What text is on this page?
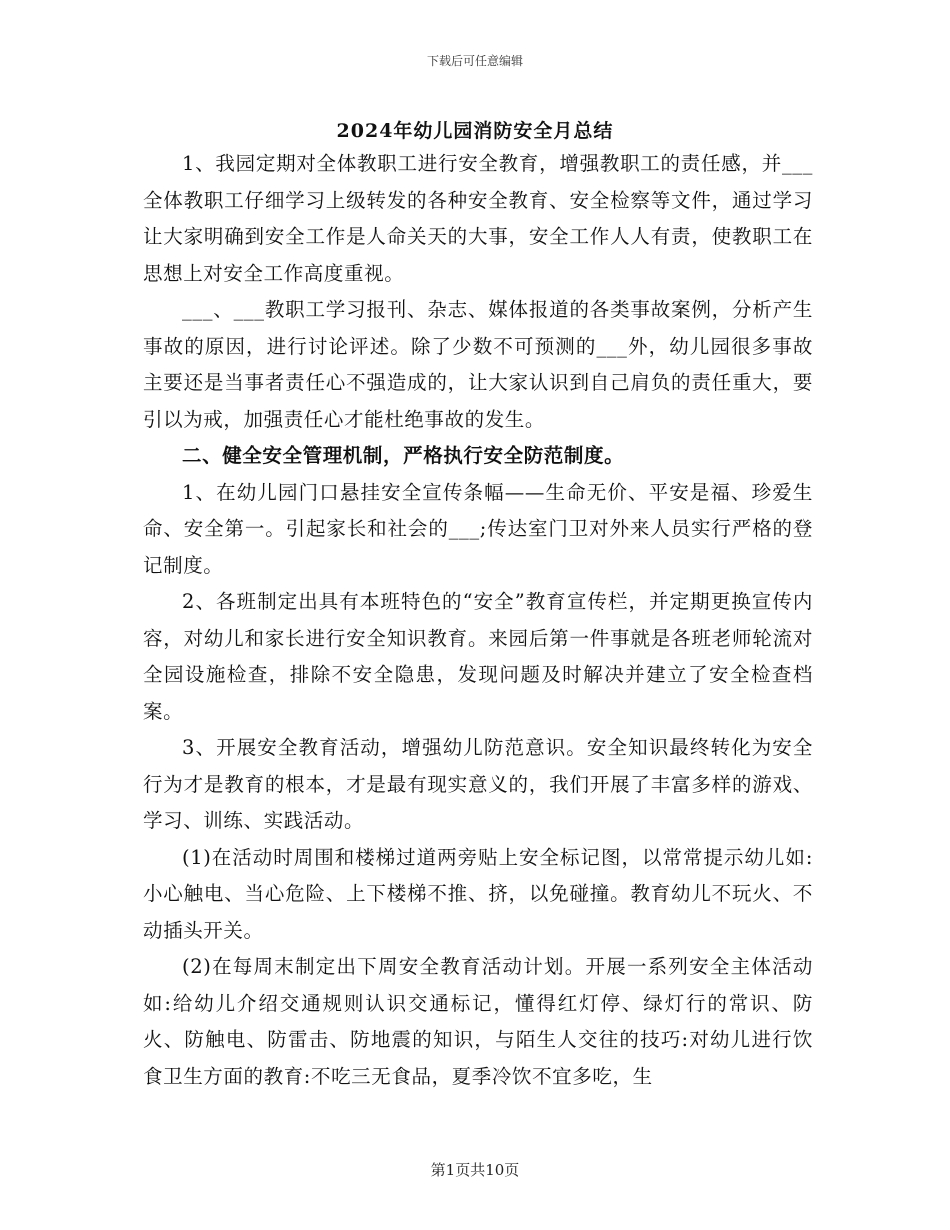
下载后可任意编辑
2024年幼儿园消防安全月总结

1、我园定期对全体教职工进行安全教育，增强教职工的责任感，并___全体教职工仔细学习上级转发的各种安全教育、安全检察等文件，通过学习让大家明确到安全工作是人命关天的大事，安全工作人人有责，使教职工在思想上对安全工作高度重视。

___、___教职工学习报刊、杂志、媒体报道的各类事故案例，分析产生事故的原因，进行讨论评述。除了少数不可预测的___外，幼儿园很多事故主要还是当事者责任心不强造成的，让大家认识到自己肩负的责任重大，要引以为戒，加强责任心才能杜绝事故的发生。

二、健全安全管理机制，严格执行安全防范制度。

1、在幼儿园门口悬挂安全宣传条幅——生命无价、平安是福、珍爱生命、安全第一。引起家长和社会的___;传达室门卫对外来人员实行严格的登记制度。

2、各班制定出具有本班特色的“安全”教育宣传栏，并定期更换宣传内容，对幼儿和家长进行安全知识教育。来园后第一件事就是各班老师轮流对全园设施检查，排除不安全隐患，发现问题及时解决并建立了安全检查档案。

3、开展安全教育活动，增强幼儿防范意识。安全知识最终转化为安全行为才是教育的根本，才是最有现实意义的，我们开展了丰富多样的游戏、学习、训练、实践活动。

(1)在活动时周围和楼梯过道两旁贴上安全标记图，以常常提示幼儿如:小心触电、当心危险、上下楼梯不推、挤，以免碰撞。教育幼儿不玩火、不动插头开关。

(2)在每周末制定出下周安全教育活动计划。开展一系列安全主体活动如:给幼儿介绍交通规则认识交通标记，懂得红灯停、绿灯行的常识、防火、防触电、防雷击、防地震的知识，与陌生人交往的技巧:对幼儿进行饮食卫生方面的教育:不吃三无食品，夏季冷饮不宜多吃，生

第1页共10页
